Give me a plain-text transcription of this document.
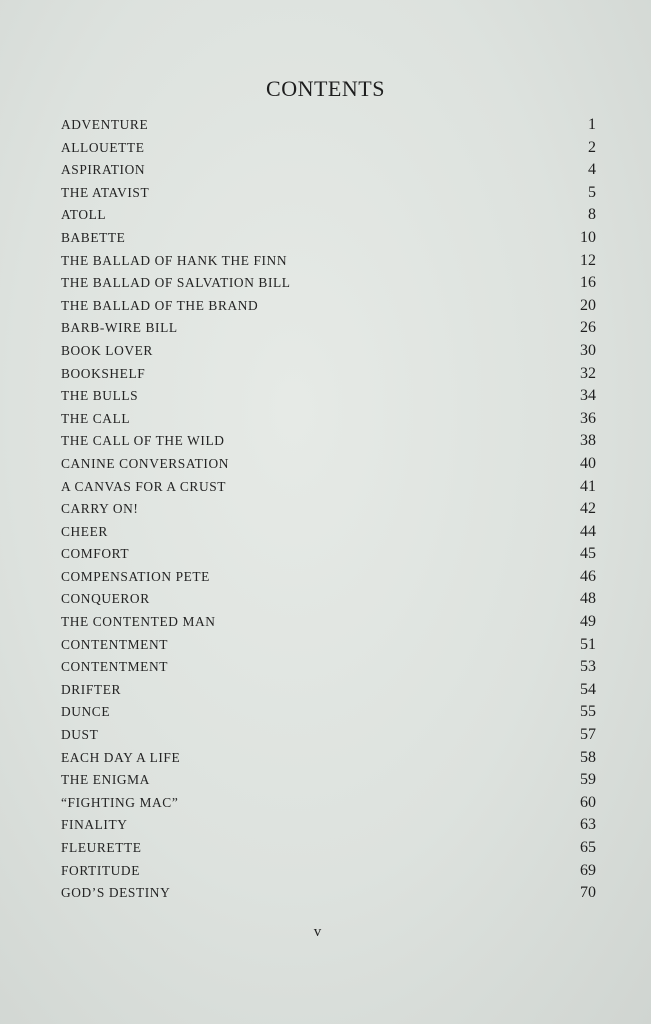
CONTENTS
ADVENTURE	1
ALLOUETTE	2
ASPIRATION	4
THE ATAVIST	5
ATOLL	8
BABETTE	10
THE BALLAD OF HANK THE FINN	12
THE BALLAD OF SALVATION BILL	16
THE BALLAD OF THE BRAND	20
BARB-WIRE BILL	26
BOOK LOVER	30
BOOKSHELF	32
THE BULLS	34
THE CALL	36
THE CALL OF THE WILD	38
CANINE CONVERSATION	40
A CANVAS FOR A CRUST	41
CARRY ON!	42
CHEER	44
COMFORT	45
COMPENSATION PETE	46
CONQUEROR	48
THE CONTENTED MAN	49
CONTENTMENT	51
CONTENTMENT	53
DRIFTER	54
DUNCE	55
DUST	57
EACH DAY A LIFE	58
THE ENIGMA	59
“FIGHTING MAC”	60
FINALITY	63
FLEURETTE	65
FORTITUDE	69
GOD’S DESTINY	70
v
